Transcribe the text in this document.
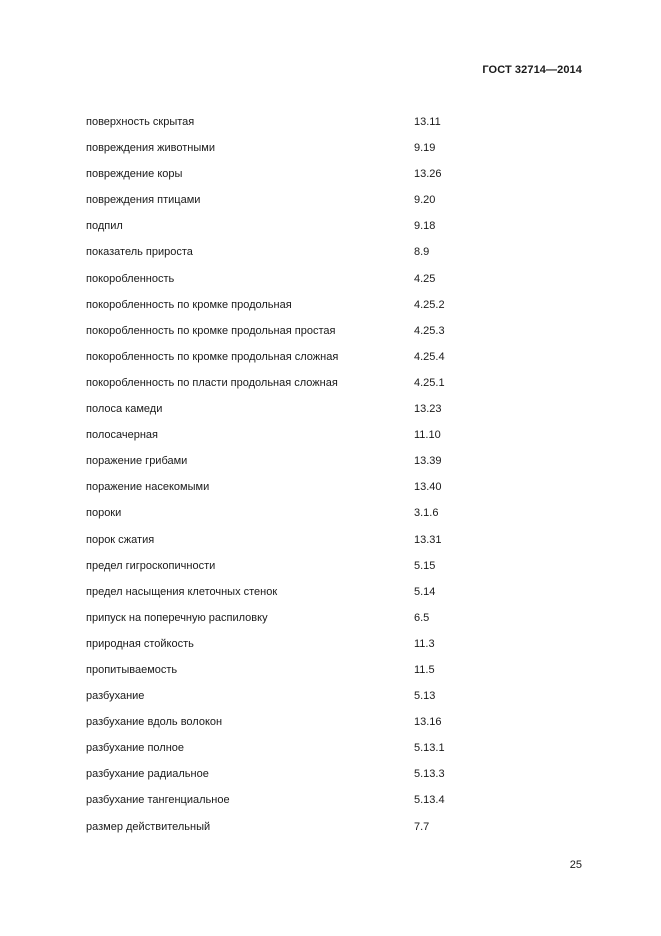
ГОСТ 32714—2014
поверхность скрытая	13.11
повреждения животными	9.19
повреждение коры	13.26
повреждения птицами	9.20
подпил	9.18
показатель прироста	8.9
покоробленность	4.25
покоробленность по кромке продольная	4.25.2
покоробленность по кромке продольная простая	4.25.3
покоробленность по кромке продольная сложная	4.25.4
покоробленность по пласти продольная сложная	4.25.1
полоса камеди	13.23
полосачерная	11.10
поражение грибами	13.39
поражение насекомыми	13.40
пороки	3.1.6
порок сжатия	13.31
предел гигроскопичности	5.15
предел насыщения клеточных стенок	5.14
припуск на поперечную распиловку	6.5
природная стойкость	11.3
пропитываемость	11.5
разбухание	5.13
разбухание вдоль волокон	13.16
разбухание полное	5.13.1
разбухание радиальное	5.13.3
разбухание тангенциальное	5.13.4
размер действительный	7.7
25
